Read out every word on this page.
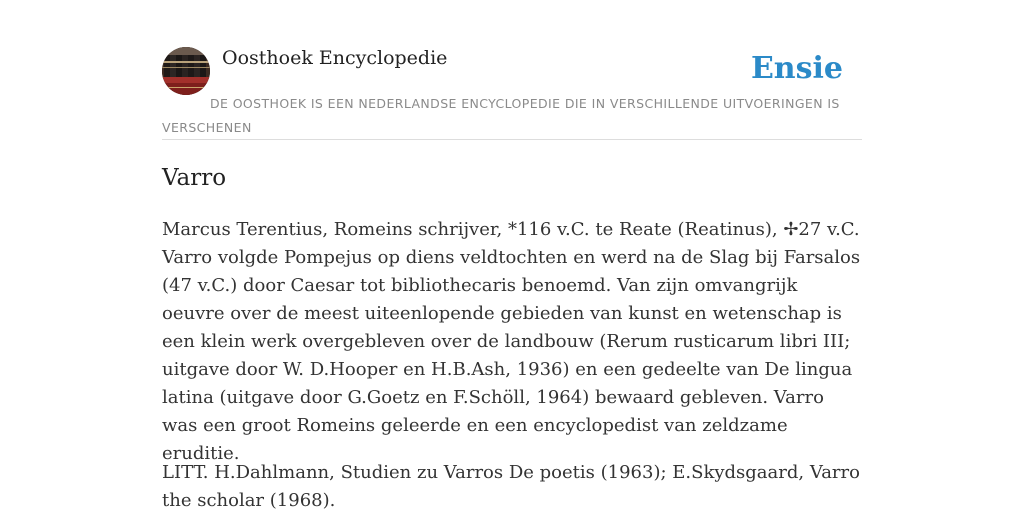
Oosthoek Encyclopedie	Ensie

DE OOSTHOEK IS EEN NEDERLANDSE ENCYCLOPEDIE DIE IN VERSCHILLENDE UITVOERINGEN IS VERSCHENEN

Varro

Marcus Terentius, Romeins schrijver, *116 v.C. te Reate (Reatinus), ✢27 v.C. Varro volgde Pompejus op diens veldtochten en werd na de Slag bij Farsalos (47 v.C.) door Caesar tot bibliothecaris benoemd. Van zijn omvangrijk oeuvre over de meest uiteenlopende gebieden van kunst en wetenschap is een klein werk overgebleven over de landbouw (Rerum rusticarum libri III; uitgave door W. D.Hooper en H.B.Ash, 1936) en een gedeelte van De lingua latina (uitgave door G.Goetz en F.Schöll, 1964) bewaard gebleven. Varro was een groot Romeins geleerde en een encyclopedist van zeldzame eruditie.

LITT. H.Dahlmann, Studien zu Varros De poetis (1963); E.Skydsgaard, Varro the scholar (1968).
